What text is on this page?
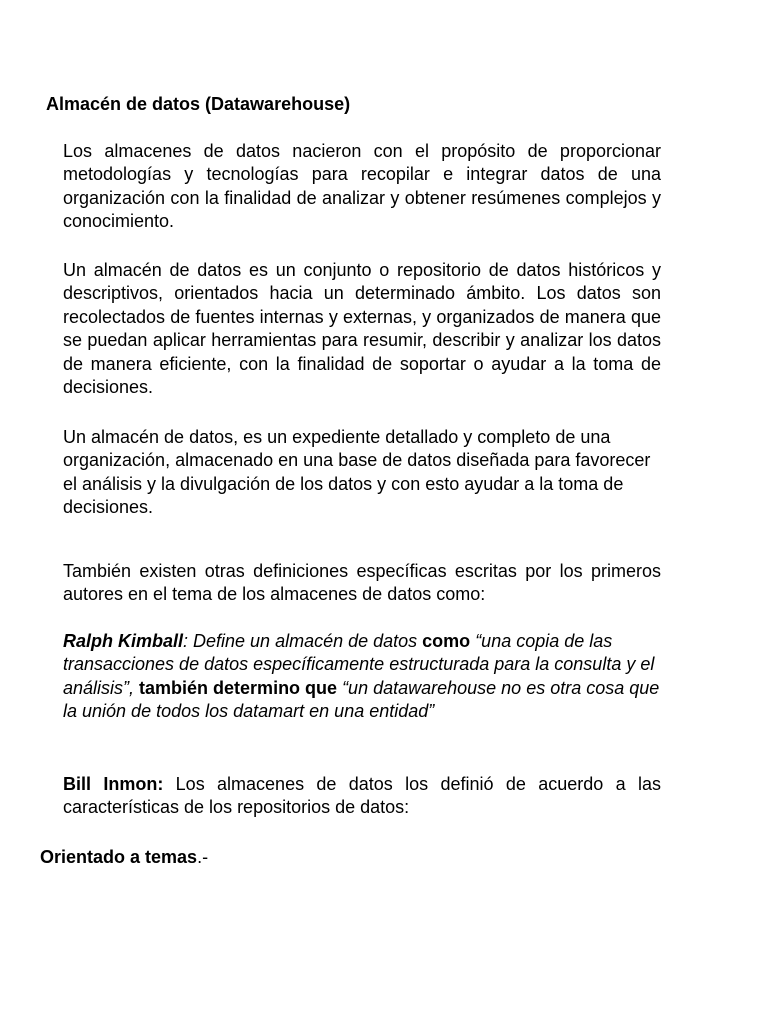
Almacén de datos (Datawarehouse)

Los almacenes de datos nacieron con el propósito de proporcionar metodologías y tecnologías para recopilar e integrar datos de una organización con la finalidad de analizar y obtener resúmenes complejos y conocimiento.

Un almacén de datos es un conjunto o repositorio de datos históricos y descriptivos, orientados hacia un determinado ámbito. Los datos son recolectados de fuentes internas y externas, y organizados de manera que se puedan aplicar herramientas para resumir, describir y analizar los datos de manera eficiente, con la finalidad de soportar o ayudar a la toma de decisiones.

Un almacén de datos, es un expediente detallado y completo de una organización, almacenado en una base de datos diseñada para favorecer el análisis y la divulgación de los datos y con esto ayudar a la toma de decisiones.

También existen otras definiciones específicas escritas por los primeros autores en el tema de los almacenes de datos como:

Ralph Kimball: Define un almacén de datos como “una copia de las transacciones de datos específicamente estructurada para la consulta y el análisis”, también determino que “un datawarehouse no es otra cosa que la unión de todos los datamart en una entidad”

Bill Inmon: Los almacenes de datos los definió de acuerdo a las características de los repositorios de datos:

Orientado a temas.-
